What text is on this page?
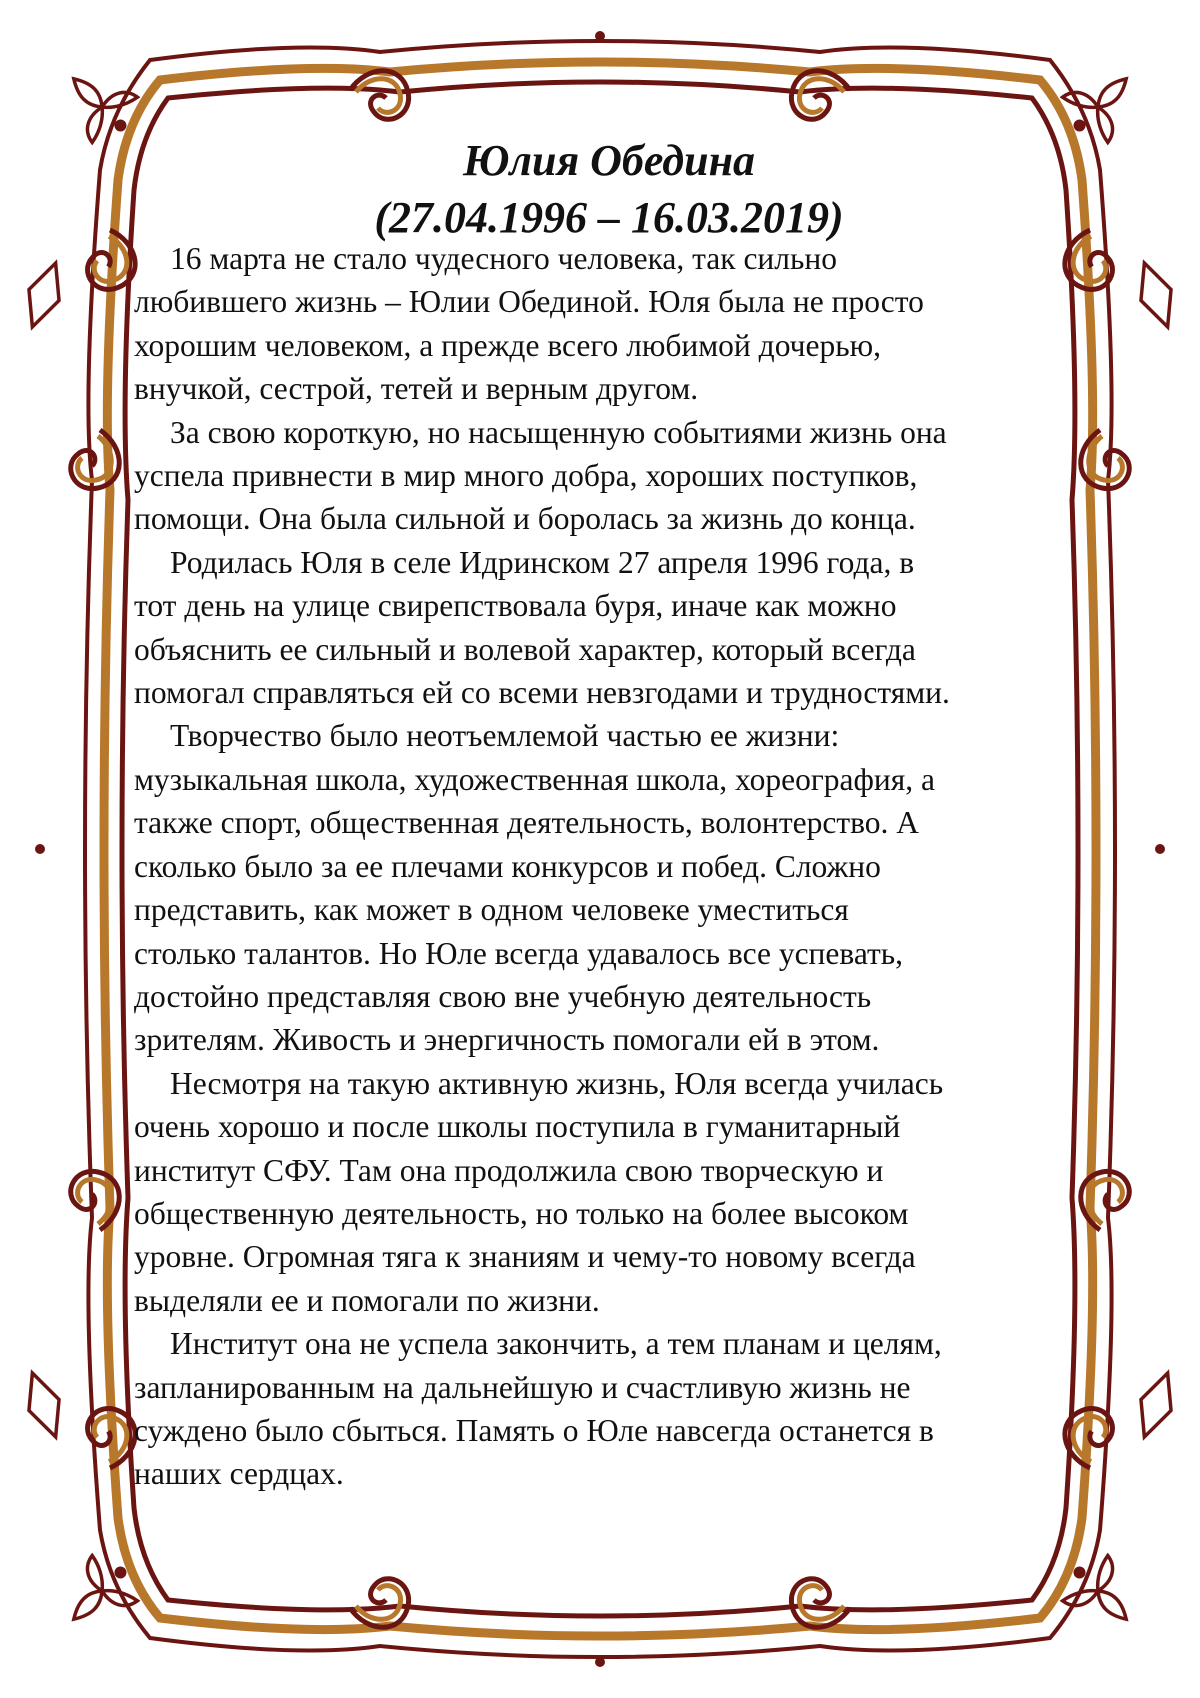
Юлия Обедина
(27.04.1996 – 16.03.2019)

16 марта не стало чудесного человека, так сильно
любившего жизнь – Юлии Обединой. Юля была не просто
хорошим человеком, а прежде всего любимой дочерью,
внучкой, сестрой, тетей и верным другом.

За свою короткую, но насыщенную событиями жизнь она
успела привнести в мир много добра, хороших поступков,
помощи. Она была сильной и боролась за жизнь до конца.

Родилась Юля в селе Идринском 27 апреля 1996 года, в
тот день на улице свирепствовала буря, иначе как можно
объяснить ее сильный и волевой характер, который всегда
помогал справляться ей со всеми невзгодами и трудностями.

Творчество было неотъемлемой частью ее жизни:
музыкальная школа, художественная школа, хореография, а
также спорт, общественная деятельность, волонтерство. А
сколько было за ее плечами конкурсов и побед. Сложно
представить, как может в одном человеке уместиться
столько талантов. Но Юле всегда удавалось все успевать,
достойно представляя свою вне учебную деятельность
зрителям. Живость и энергичность помогали ей в этом.

Несмотря на такую активную жизнь, Юля всегда училась
очень хорошо и после школы поступила в гуманитарный
институт СФУ. Там она продолжила свою творческую и
общественную деятельность, но только на более высоком
уровне. Огромная тяга к знаниям и чему-то новому всегда
выделяли ее и помогали по жизни.

Институт она не успела закончить, а тем планам и целям,
запланированным на дальнейшую и счастливую жизнь не
суждено было сбыться. Память о Юле навсегда останется в
наших сердцах.
